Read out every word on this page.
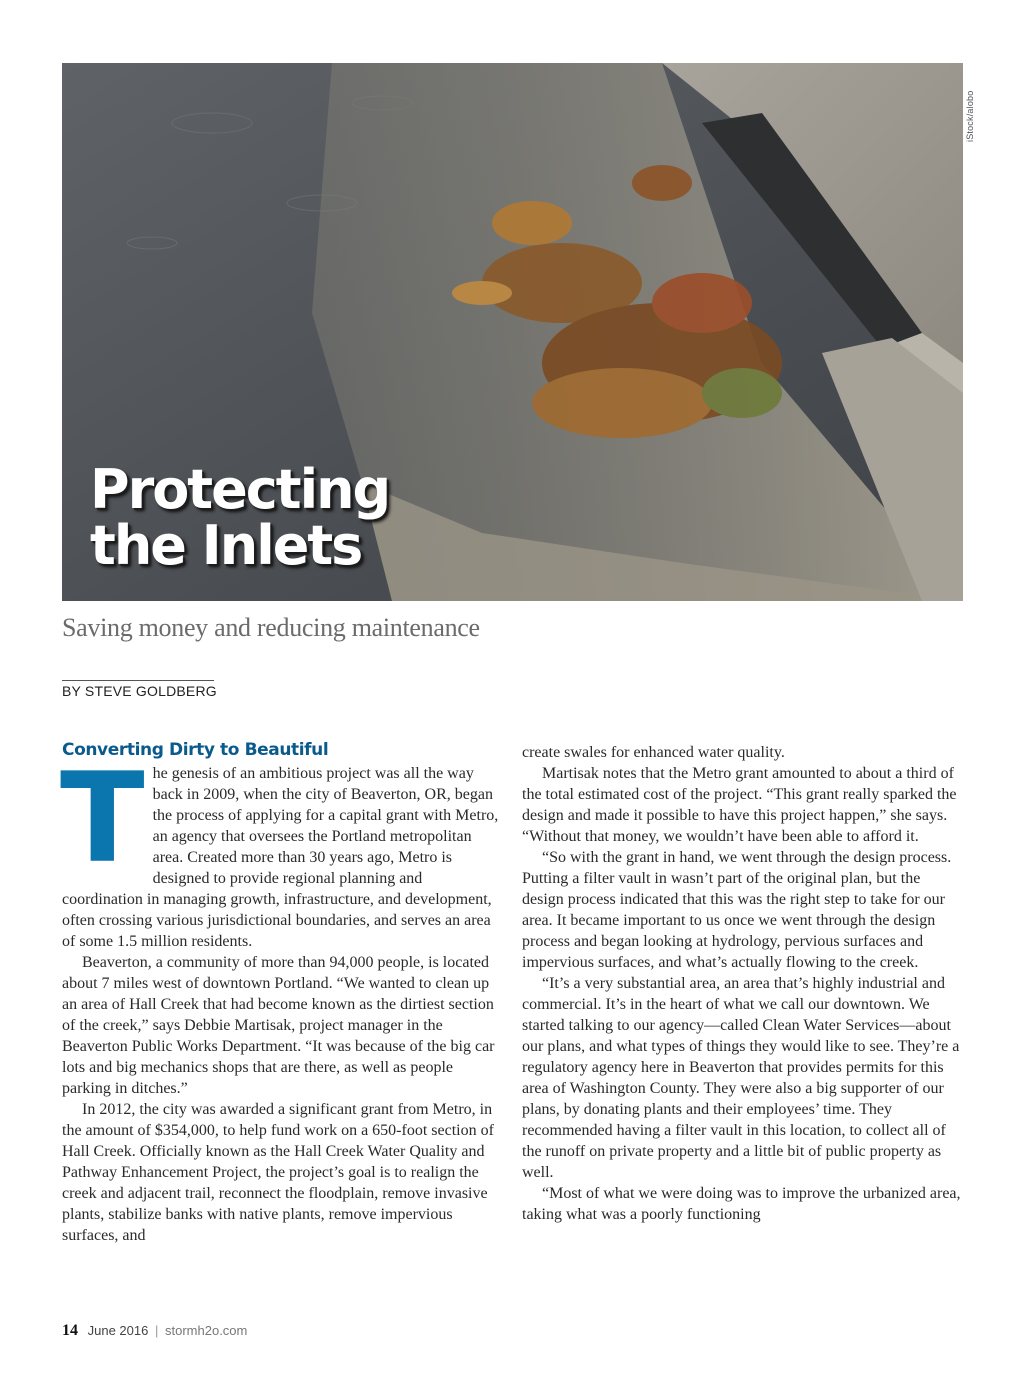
iStock/alobo
Protecting
the Inlets
Saving money and reducing maintenance
BY STEVE GOLDBERG
Converting Dirty to Beautiful

The genesis of an ambitious project was all the way back in 2009, when the city of Beaverton, OR, began the process of applying for a capital grant with Metro, an agency that oversees the Portland metropolitan area. Created more than 30 years ago, Metro is designed to provide regional planning and coordination in managing growth, infrastructure, and development, often crossing various jurisdictional boundaries, and serves an area of some 1.5 million residents.

Beaverton, a community of more than 94,000 people, is located about 7 miles west of downtown Portland. “We wanted to clean up an area of Hall Creek that had become known as the dirtiest section of the creek,” says Debbie Martisak, project manager in the Beaverton Public Works Department. “It was because of the big car lots and big mechanics shops that are there, as well as people parking in ditches.”

In 2012, the city was awarded a significant grant from Metro, in the amount of $354,000, to help fund work on a 650-foot section of Hall Creek. Officially known as the Hall Creek Water Quality and Pathway Enhancement Project, the project’s goal is to realign the creek and adjacent trail, reconnect the floodplain, remove invasive plants, stabilize banks with native plants, remove impervious surfaces, and

create swales for enhanced water quality.

Martisak notes that the Metro grant amounted to about a third of the total estimated cost of the project. “This grant really sparked the design and made it possible to have this project happen,” she says. “Without that money, we wouldn’t have been able to afford it.

“So with the grant in hand, we went through the design process. Putting a filter vault in wasn’t part of the original plan, but the design process indicated that this was the right step to take for our area. It became important to us once we went through the design process and began looking at hydrology, pervious surfaces and impervious surfaces, and what’s actually flowing to the creek.

“It’s a very substantial area, an area that’s highly industrial and commercial. It’s in the heart of what we call our downtown. We started talking to our agency—called Clean Water Services—about our plans, and what types of things they would like to see. They’re a regulatory agency here in Beaverton that provides permits for this area of Washington County. They were also a big supporter of our plans, by donating plants and their employees’ time. They recommended having a filter vault in this location, to collect all of the runoff on private property and a little bit of public property as well.

“Most of what we were doing was to improve the urbanized area, taking what was a poorly functioning

14 June 2016 | stormh2o.com
